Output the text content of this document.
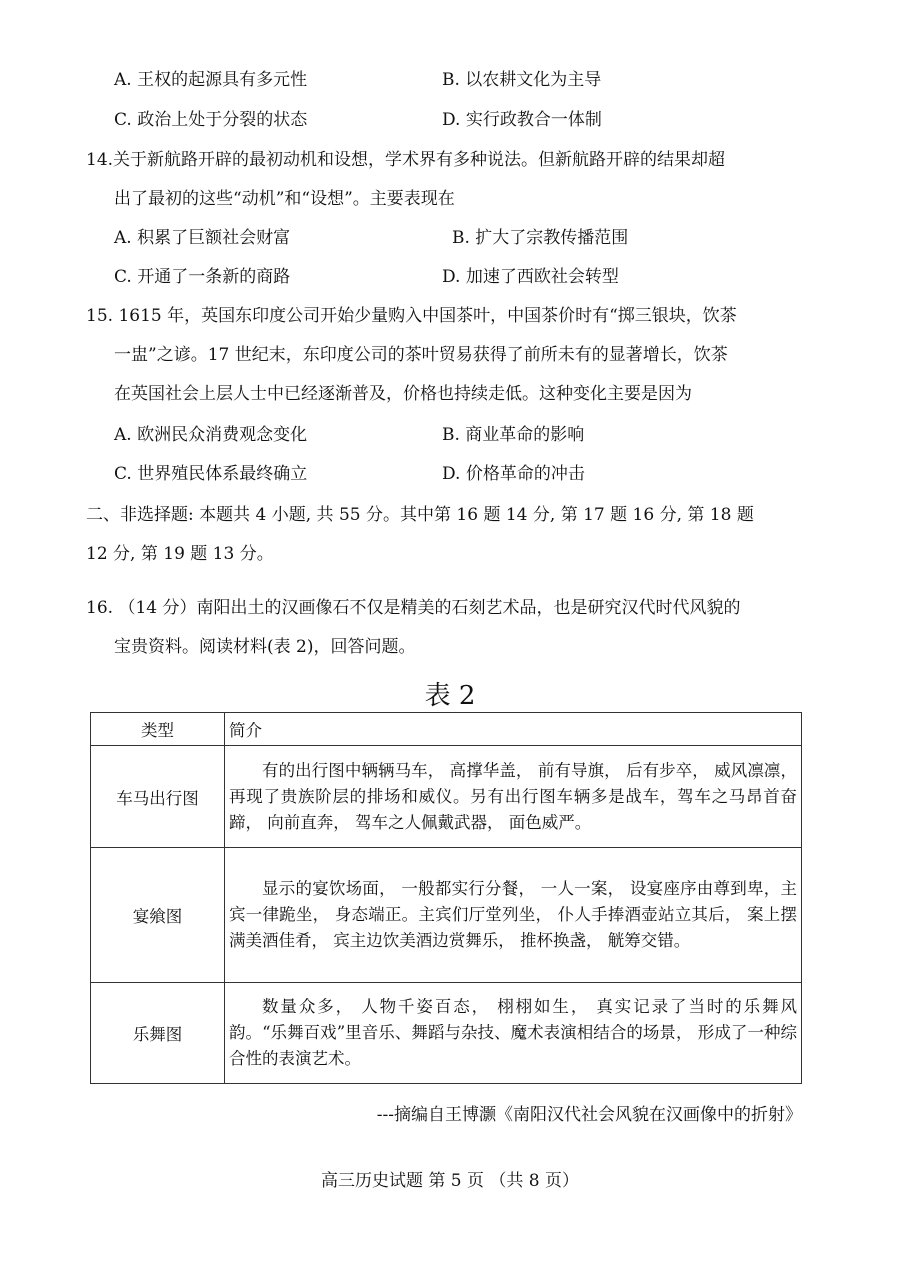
A. 王权的起源具有多元性	B. 以农耕文化为主导
C. 政治上处于分裂的状态	D. 实行政教合一体制
14.关于新航路开辟的最初动机和设想，学术界有多种说法。但新航路开辟的结果却超
出了最初的这些“动机”和“设想”。主要表现在
A. 积累了巨额社会财富	B. 扩大了宗教传播范围
C. 开通了一条新的商路	D. 加速了西欧社会转型
15. 1615 年，英国东印度公司开始少量购入中国茶叶，中国茶价时有“掷三银块，饮茶
一盅”之谚。17 世纪末，东印度公司的茶叶贸易获得了前所未有的显著增长，饮茶
在英国社会上层人士中已经逐渐普及，价格也持续走低。这种变化主要是因为
A. 欧洲民众消费观念变化	B. 商业革命的影响
C. 世界殖民体系最终确立	D. 价格革命的冲击
二、非选择题: 本题共 4 小题, 共 55 分。其中第 16 题 14 分, 第 17 题 16 分, 第 18 题
12 分, 第 19 题 13 分。
16. （14 分）南阳出土的汉画像石不仅是精美的石刻艺术品，也是研究汉代时代风貌的
宝贵资料。阅读材料(表 2)，回答问题。
表 2
类型	简介
车马出行图	有的出行图中辆辆马车， 高撑华盖， 前有导旗， 后有步卒， 威风凛凛， 再现了贵族阶层的排场和威仪。另有出行图车辆多是战车，驾车之马昂首奋蹄， 向前直奔， 驾车之人佩戴武器， 面色威严。

宴飨图	显示的宴饮场面， 一般都实行分餐， 一人一案， 设宴座序由尊到卑，主宾一律跪坐， 身态端正。主宾们厅堂列坐， 仆人手捧酒壶站立其后， 案上摆满美酒佳肴， 宾主边饮美酒边赏舞乐， 推杯换盏， 觥筹交错。

乐舞图	数量众多， 人物千姿百态， 栩栩如生， 真实记录了当时的乐舞风韵。“乐舞百戏”里音乐、舞蹈与杂技、魔术表演相结合的场景， 形成了一种综合性的表演艺术。

---摘编自王博灏《南阳汉代社会风貌在汉画像中的折射》
高三历史试题 第 5 页 （共 8 页）
